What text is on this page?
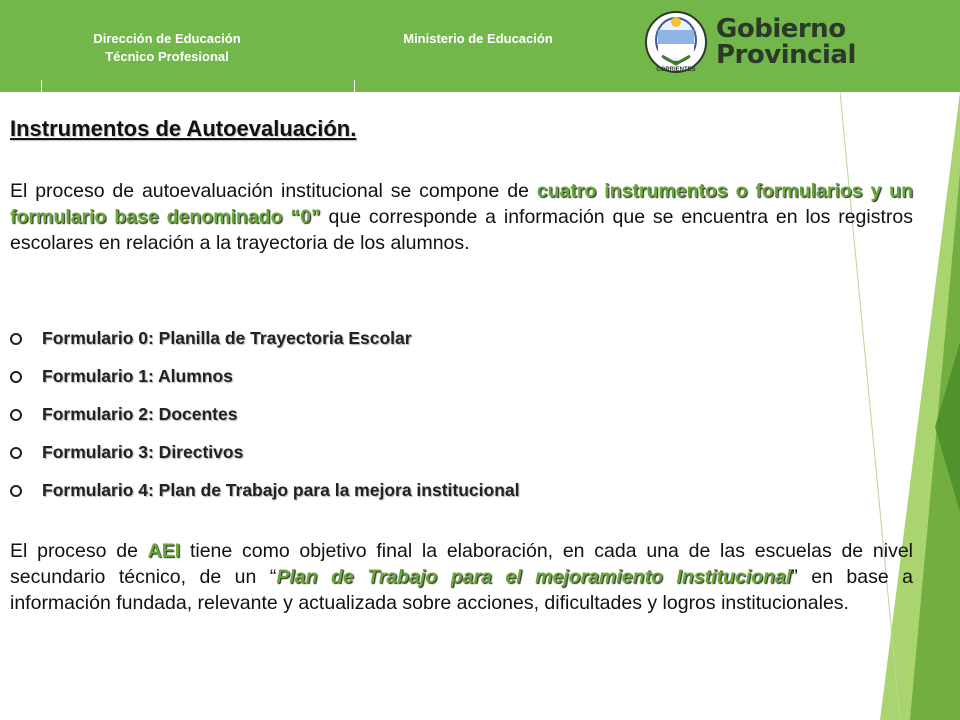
Dirección de Educación
Técnico Profesional
Ministerio de Educación
CORRIENTES
Gobierno
Provincial
Instrumentos de Autoevaluación.
El proceso de autoevaluación institucional se compone de cuatro instrumentos o formularios y un formulario base denominado “0” que corresponde a información que se encuentra en los registros escolares en relación a la trayectoria de los alumnos.
Formulario 0: Planilla de Trayectoria Escolar
Formulario 1: Alumnos
Formulario 2: Docentes
Formulario 3: Directivos
Formulario 4: Plan de Trabajo para la mejora institucional
El proceso de AEI tiene como objetivo final la elaboración, en cada una de las escuelas de nivel secundario técnico, de un “Plan de Trabajo para el mejoramiento Institucional” en base a información fundada, relevante y actualizada sobre acciones, dificultades y logros institucionales.
